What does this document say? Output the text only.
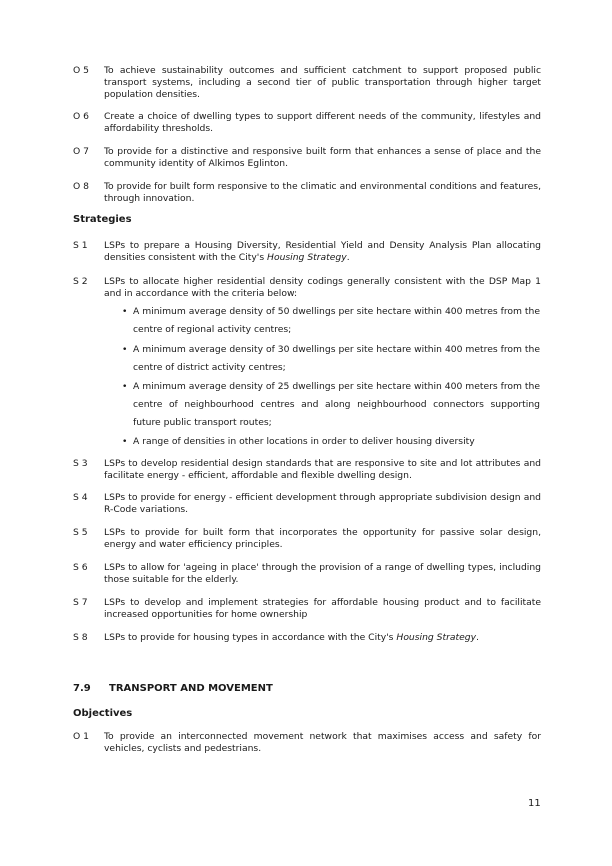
O 5	To achieve sustainability outcomes and sufficient catchment to support proposed public transport systems, including a second tier of public transportation through higher target population densities.
O 6	Create a choice of dwelling types to support different needs of the community, lifestyles and affordability thresholds.
O 7	To provide for a distinctive and responsive built form that enhances a sense of place and the community identity of Alkimos Eglinton.
O 8	To provide for built form responsive to the climatic and environmental conditions and features, through innovation.
Strategies
S 1	LSPs to prepare a Housing Diversity, Residential Yield and Density Analysis Plan allocating densities consistent with the City's Housing Strategy.
S 2	LSPs to allocate higher residential density codings generally consistent with the DSP Map 1 and in accordance with the criteria below:
• A minimum average density of 50 dwellings per site hectare within 400 metres from the centre of regional activity centres;
• A minimum average density of 30 dwellings per site hectare within 400 metres from the centre of district activity centres;
• A minimum average density of 25 dwellings per site hectare within 400 meters from the centre of neighbourhood centres and along neighbourhood connectors supporting future public transport routes;
• A range of densities in other locations in order to deliver housing diversity
S 3	LSPs to develop residential design standards that are responsive to site and lot attributes and facilitate energy - efficient, affordable and flexible dwelling design.
S 4	LSPs to provide for energy - efficient development through appropriate subdivision design and R-Code variations.
S 5	LSPs to provide for built form that incorporates the opportunity for passive solar design, energy and water efficiency principles.
S 6	LSPs to allow for 'ageing in place' through the provision of a range of dwelling types, including those suitable for the elderly.
S 7	LSPs to develop and implement strategies for affordable housing product and to facilitate increased opportunities for home ownership
S 8	LSPs to provide for housing types in accordance with the City's Housing Strategy.
7.9 TRANSPORT AND MOVEMENT
Objectives
O 1	To provide an interconnected movement network that maximises access and safety for vehicles, cyclists and pedestrians.
11
